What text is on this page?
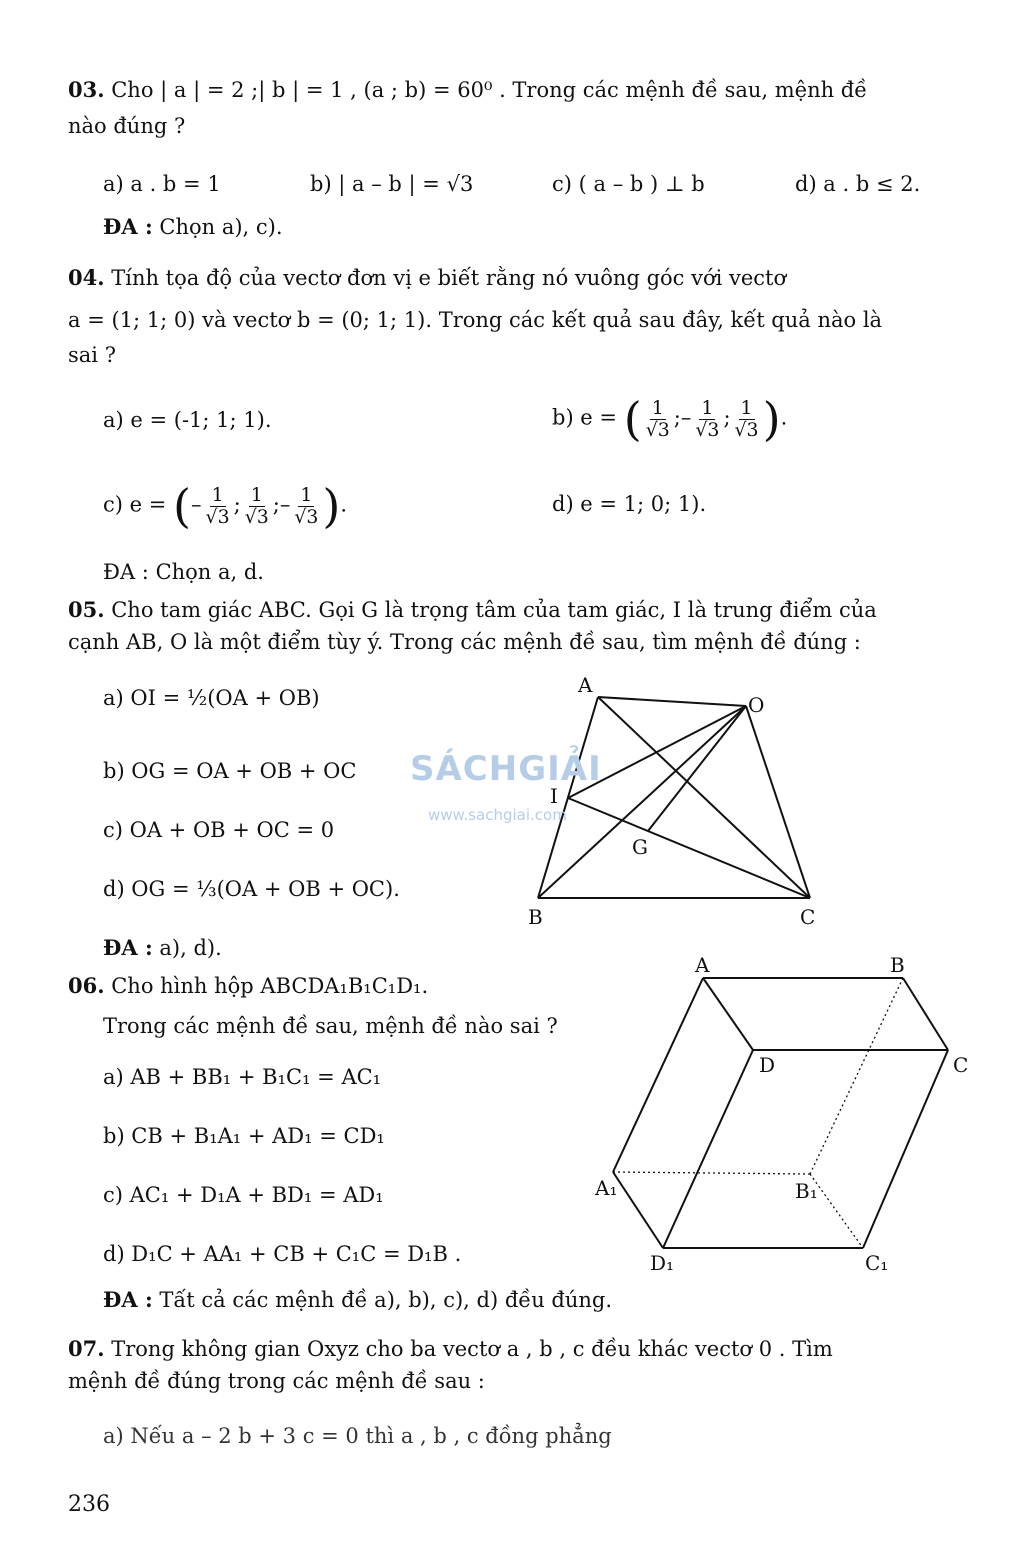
03. Cho | a | = 2 ;| b | = 1 , (a ; b) = 60⁰ . Trong các mệnh đề sau, mệnh đề

nào đúng ?

a) a . b = 1	b) | a – b | = √3	c) ( a – b ) ⊥ b	d) a . b ≤ 2.
ĐA : Chọn a), c).

04. Tính tọa độ của vectơ đơn vị e biết rằng nó vuông góc với vectơ

a = (1; 1; 0) và vectơ b = (0; 1; 1). Trong các kết quả sau đây, kết quả nào là

sai ?

a) e = (-1; 1; 1).	b) e = ( $\frac{1}{√3}$ ;– $\frac{1}{√3}$ ; $\frac{1}{√3}$ ).
c) e = (– $\frac{1}{√3}$ ; $\frac{1}{√3}$ ;– $\frac{1}{√3}$ ).	d) e = 1; 0; 1).
ĐA : Chọn a, d.

05. Cho tam giác ABC. Gọi G là trọng tâm của tam giác, I là trung điểm của

cạnh AB, O là một điểm tùy ý. Trong các mệnh đề sau, tìm mệnh đề đúng :

a) OI = ½(OA + OB)
b) OG = OA + OB + OC
c) OA + OB + OC = 0
d) OG = ⅓(OA + OB + OC).
ĐA : a), d).
A
O
I
G
B	C
SÁCHGIẢI
www.sachgiai.com

06. Cho hình hộp ABCDA₁B₁C₁D₁.

Trong các mệnh đề sau, mệnh đề nào sai ?
a) AB + BB₁ + B₁C₁ = AC₁
b) CB + B₁A₁ + AD₁ = CD₁
c) AC₁ + D₁A + BD₁ = AD₁
d) D₁C + AA₁ + CB + C₁C = D₁B .
ĐA : Tất cả các mệnh đề a), b), c), d) đều đúng.
A	B
D	C
A₁	B₁
D₁	C₁

07. Trong không gian Oxyz cho ba vectơ a , b , c đều khác vectơ 0 . Tìm

mệnh đề đúng trong các mệnh đề sau :

a) Nếu a – 2 b + 3 c = 0 thì a , b , c đồng phẳng
236
